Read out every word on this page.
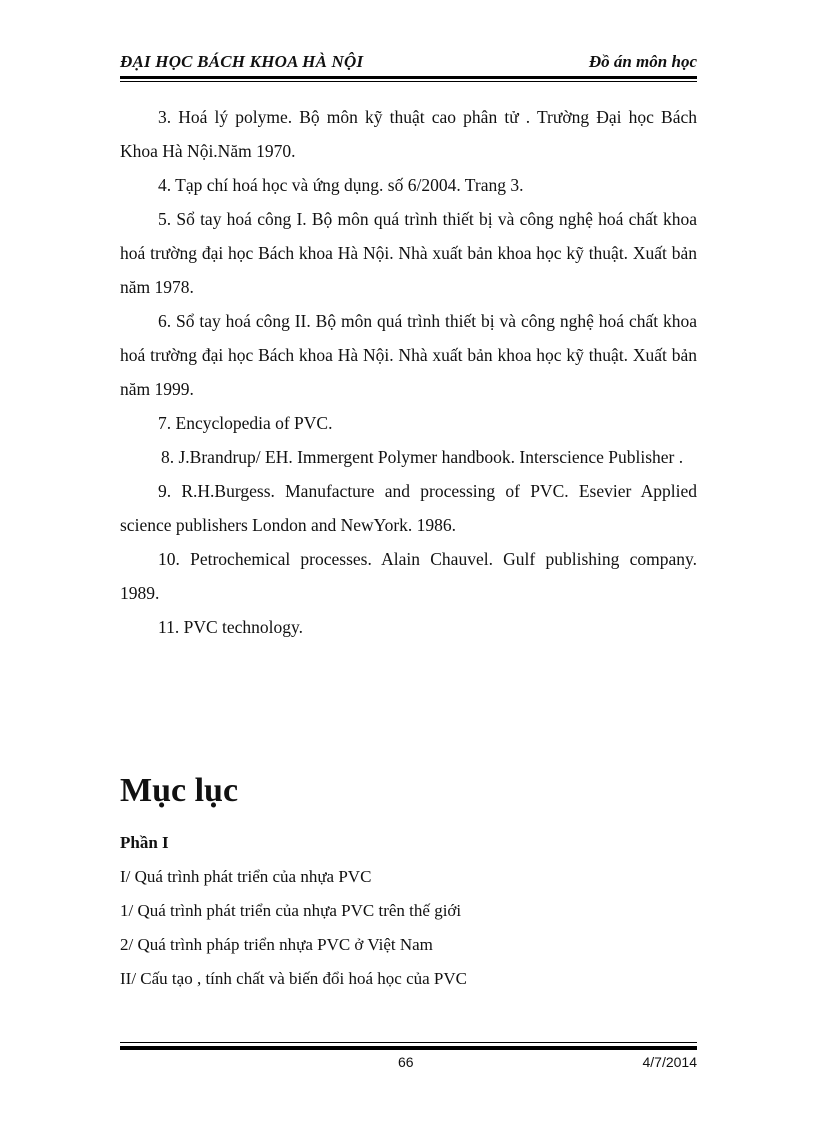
ĐẠI HỌC BÁCH KHOA HÀ NỘI	Đồ án môn học

3. Hoá lý polyme. Bộ môn kỹ thuật cao phân tử . Trường Đại học Bách Khoa Hà Nội.Năm 1970.

4. Tạp chí hoá học và ứng dụng. số 6/2004. Trang 3.

5. Sổ tay hoá công I. Bộ môn quá trình thiết bị và công nghệ hoá chất khoa hoá trường đại học Bách khoa Hà Nội. Nhà xuất bản khoa học kỹ thuật. Xuất bản năm 1978.

6. Sổ tay hoá công II. Bộ môn quá trình thiết bị và công nghệ hoá chất khoa hoá trường đại học Bách khoa Hà Nội. Nhà xuất bản khoa học kỹ thuật. Xuất bản năm 1999.

7. Encyclopedia of PVC.

8. J.Brandrup/ EH. Immergent Polymer handbook. Interscience Publisher .

9. R.H.Burgess. Manufacture and processing of PVC. Esevier Applied science publishers London and NewYork. 1986.

10. Petrochemical processes. Alain Chauvel. Gulf publishing company. 1989.

11. PVC technology.

Mục lục

Phần I

I/ Quá trình phát triển của nhựa PVC

1/ Quá trình phát triển của nhựa PVC trên thế giới

2/ Quá trình pháp triển nhựa PVC ở Việt Nam

II/ Cấu tạo , tính chất và biến đổi hoá học của PVC

66	4/7/2014
